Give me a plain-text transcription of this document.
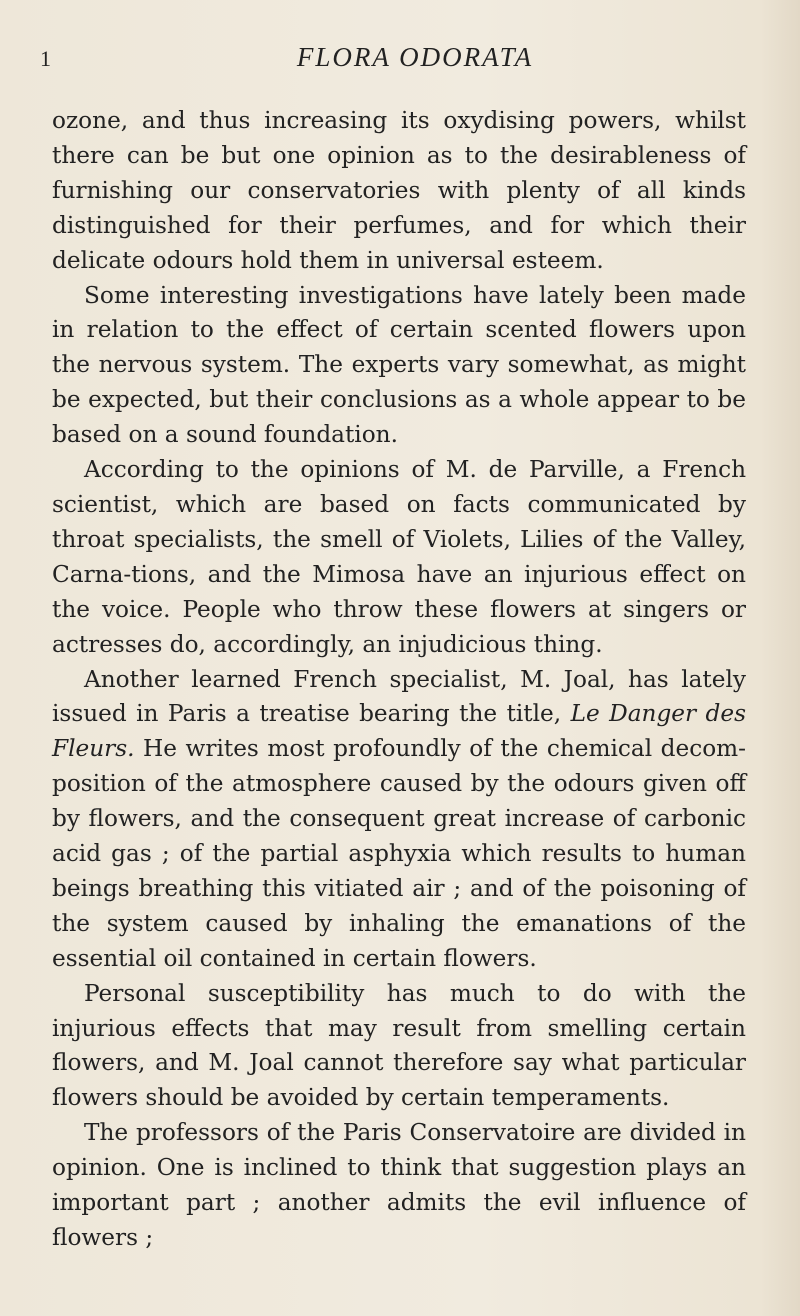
1	FLORA ODORATA

ozone, and thus increasing its oxydising powers, whilst there can be but one opinion as to the desirableness of furnishing our conservatories with plenty of all kinds distinguished for their perfumes, and for which their delicate odours hold them in universal esteem.

Some interesting investigations have lately been made in relation to the effect of certain scented flowers upon the nervous system. The experts vary somewhat, as might be expected, but their conclusions as a whole appear to be based on a sound foundation.

According to the opinions of M. de Parville, a French scientist, which are based on facts communicated by throat specialists, the smell of Violets, Lilies of the Valley, Carna-tions, and the Mimosa have an injurious effect on the voice. People who throw these flowers at singers or actresses do, accordingly, an injudicious thing.

Another learned French specialist, M. Joal, has lately issued in Paris a treatise bearing the title, Le Danger des Fleurs. He writes most profoundly of the chemical decom-position of the atmosphere caused by the odours given off by flowers, and the consequent great increase of carbonic acid gas ; of the partial asphyxia which results to human beings breathing this vitiated air ; and of the poisoning of the system caused by inhaling the emanations of the essential oil contained in certain flowers.

Personal susceptibility has much to do with the injurious effects that may result from smelling certain flowers, and M. Joal cannot therefore say what particular flowers should be avoided by certain temperaments.

The professors of the Paris Conservatoire are divided in opinion. One is inclined to think that suggestion plays an important part ; another admits the evil influence of flowers ;
